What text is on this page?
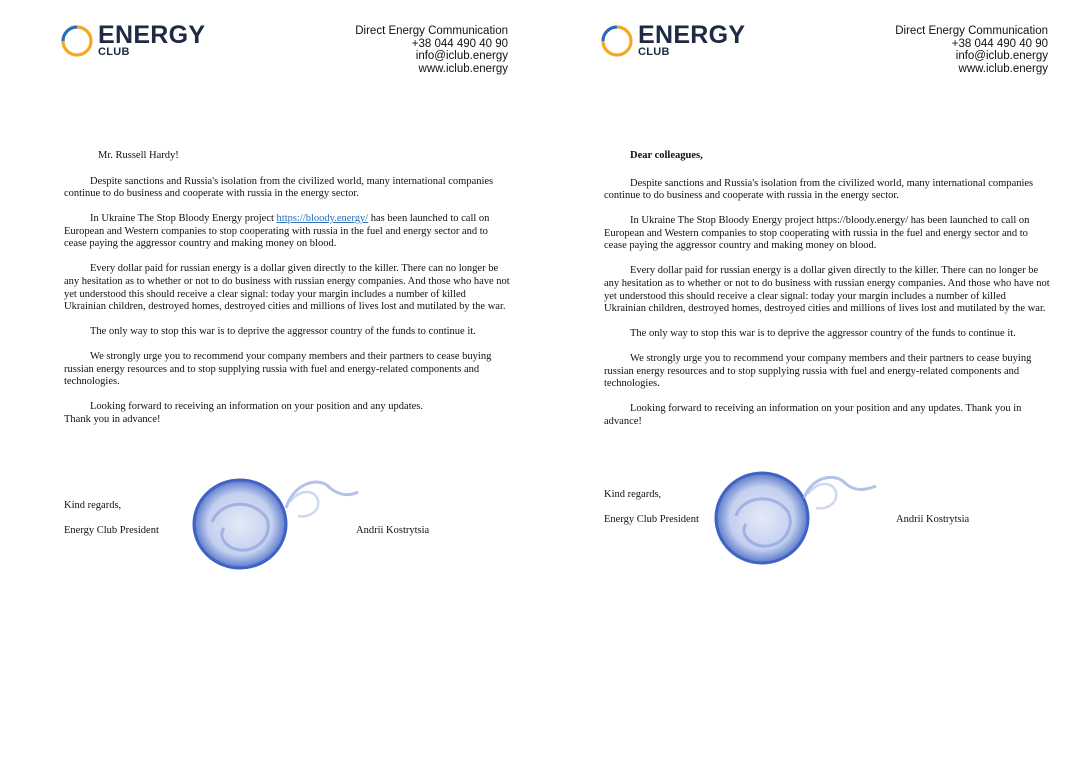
ENERGY
CLUB
Direct Energy Communication
+38 044 490 40 90
info@iclub.energy
www.iclub.energy

Mr. Russell Hardy!

Despite sanctions and Russia's isolation from the civilized world, many international companies continue to do business and cooperate with russia in the energy sector.

In Ukraine The Stop Bloody Energy project https://bloody.energy/ has been launched to call on European and Western companies to stop cooperating with russia in the fuel and energy sector and to cease paying the aggressor country and making money on blood.

Every dollar paid for russian energy is a dollar given directly to the killer. There can no longer be any hesitation as to whether or not to do business with russian energy companies. And those who have not yet understood this should receive a clear signal: today your margin includes a number of killed Ukrainian children, destroyed homes, destroyed cities and millions of lives lost and mutilated by the war.

The only way to stop this war is to deprive the aggressor country of the funds to continue it.

We strongly urge you to recommend your company members and their partners to cease buying russian energy resources and to stop supplying russia with fuel and energy-related components and technologies.

Looking forward to receiving an information on your position and any updates.

Thank you in advance!

Kind regards,
Energy Club President	Andrii Kostrytsia
ENERGY
CLUB
Direct Energy Communication
+38 044 490 40 90
info@iclub.energy
www.iclub.energy

Dear colleagues,

Despite sanctions and Russia's isolation from the civilized world, many international companies continue to do business and cooperate with russia in the energy sector.

In Ukraine The Stop Bloody Energy project https://bloody.energy/ has been launched to call on European and Western companies to stop cooperating with russia in the fuel and energy sector and to cease paying the aggressor country and making money on blood.

Every dollar paid for russian energy is a dollar given directly to the killer. There can no longer be any hesitation as to whether or not to do business with russian energy companies. And those who have not yet understood this should receive a clear signal: today your margin includes a number of killed Ukrainian children, destroyed homes, destroyed cities and millions of lives lost and mutilated by the war.

The only way to stop this war is to deprive the aggressor country of the funds to continue it.

We strongly urge you to recommend your company members and their partners to cease buying russian energy resources and to stop supplying russia with fuel and energy-related components and technologies.

Looking forward to receiving an information on your position and any updates. Thank you in advance!

Kind regards,
Energy Club President	Andrii Kostrytsia
